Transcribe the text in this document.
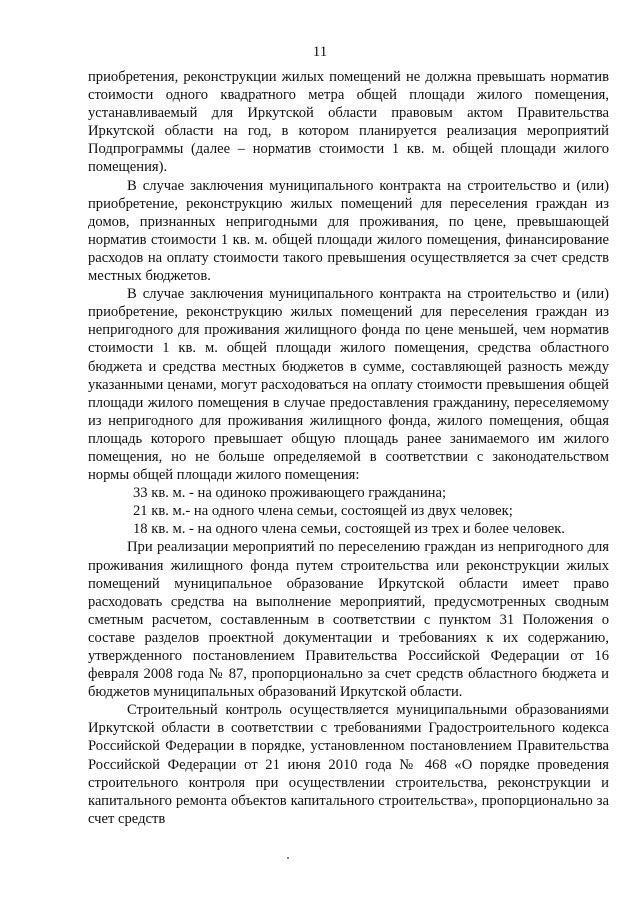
11

приобретения, реконструкции жилых помещений не должна превышать норматив стоимости одного квадратного метра общей площади жилого помещения, устанавливаемый для Иркутской области правовым актом Правительства Иркутской области на год, в котором планируется реализация мероприятий Подпрограммы (далее – норматив стоимости 1 кв. м. общей площади жилого помещения).

В случае заключения муниципального контракта на строительство и (или) приобретение, реконструкцию жилых помещений для переселения граждан из домов, признанных непригодными для проживания, по цене, превышающей норматив стоимости 1 кв. м. общей площади жилого помещения, финансирование расходов на оплату стоимости такого превышения осуществляется за счет средств местных бюджетов.

В случае заключения муниципального контракта на строительство и (или) приобретение, реконструкцию жилых помещений для переселения граждан из непригодного для проживания жилищного фонда по цене меньшей, чем норматив стоимости 1 кв. м. общей площади жилого помещения, средства областного бюджета и средства местных бюджетов в сумме, составляющей разность между указанными ценами, могут расходоваться на оплату стоимости превышения общей площади жилого помещения в случае предоставления гражданину, переселяемому из непригодного для проживания жилищного фонда, жилого помещения, общая площадь которого превышает общую площадь ранее занимаемого им жилого помещения, но не больше определяемой в соответствии с законодательством нормы общей площади жилого помещения:

33 кв. м. - на одиноко проживающего гражданина;

21 кв. м.- на одного члена семьи, состоящей из двух человек;

18 кв. м. - на одного члена семьи, состоящей из трех и более человек.

При реализации мероприятий по переселению граждан из непригодного для проживания жилищного фонда путем строительства или реконструкции жилых помещений муниципальное образование Иркутской области имеет право расходовать средства на выполнение мероприятий, предусмотренных сводным сметным расчетом, составленным в соответствии с пунктом 31 Положения о составе разделов проектной документации и требованиях к их содержанию, утвержденного постановлением Правительства Российской Федерации от 16 февраля 2008 года № 87, пропорционально за счет средств областного бюджета и бюджетов муниципальных образований Иркутской области.

Строительный контроль осуществляется муниципальными образованиями Иркутской области в соответствии с требованиями Градостроительного кодекса Российской Федерации в порядке, установленном постановлением Правительства Российской Федерации от 21 июня 2010 года № 468 «О порядке проведения строительного контроля при осуществлении строительства, реконструкции и капитального ремонта объектов капитального строительства», пропорционально за счет средств
